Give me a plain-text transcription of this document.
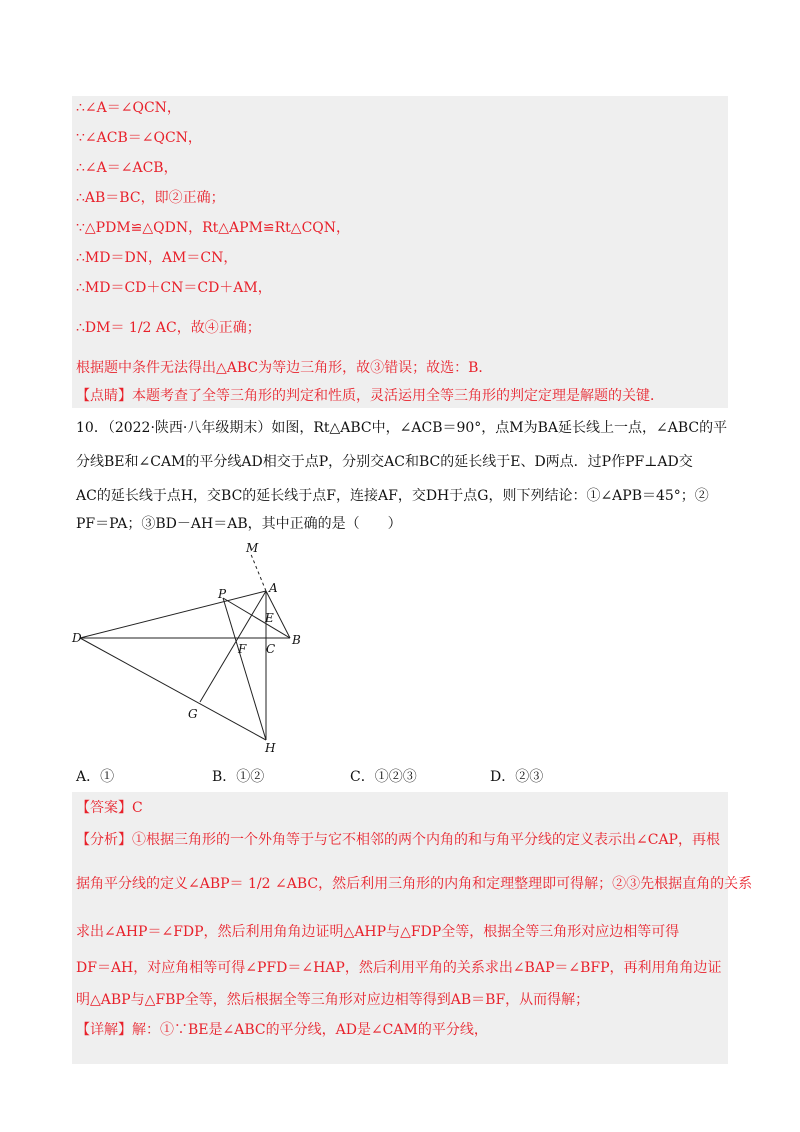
∴∠A＝∠QCN，
∵∠ACB＝∠QCN，
∴∠A＝∠ACB，
∴AB＝BC，即②正确；
∵△PDM≌△QDN，Rt△APM≌Rt△CQN，
∴MD＝DN，AM＝CN，
∴MD＝CD＋CN＝CD＋AM，
∴DM＝ 1/2 AC，故④正确；
根据题中条件无法得出△ABC为等边三角形，故③错误；故选：B．
【点睛】本题考查了全等三角形的判定和性质，灵活运用全等三角形的判定定理是解题的关键．
10．（2022·陕西·八年级期末）如图，Rt△ABC中，∠ACB＝90°，点M为BA延长线上一点，∠ABC的平
分线BE和∠CAM的平分线AD相交于点P，分别交AC和BC的延长线于E、D两点．过P作PF⊥AD交
AC的延长线于点H，交BC的延长线于点F，连接AF，交DH于点G，则下列结论：①∠APB＝45°；②
PF＝PA；③BD－AH＝AB，其中正确的是（　　）
M
A
P
E
D
F C
B
G
H
A．①	B．①②	C．①②③	D．②③
【答案】C
【分析】①根据三角形的一个外角等于与它不相邻的两个内角的和与角平分线的定义表示出∠CAP，再根
据角平分线的定义∠ABP＝ 1/2 ∠ABC，然后利用三角形的内角和定理整理即可得解；②③先根据直角的关系
求出∠AHP＝∠FDP，然后利用角角边证明△AHP与△FDP全等，根据全等三角形对应边相等可得
DF＝AH，对应角相等可得∠PFD＝∠HAP，然后利用平角的关系求出∠BAP＝∠BFP，再利用角角边证
明△ABP与△FBP全等，然后根据全等三角形对应边相等得到AB＝BF，从而得解；
【详解】解：①∵BE是∠ABC的平分线，AD是∠CAM的平分线，
